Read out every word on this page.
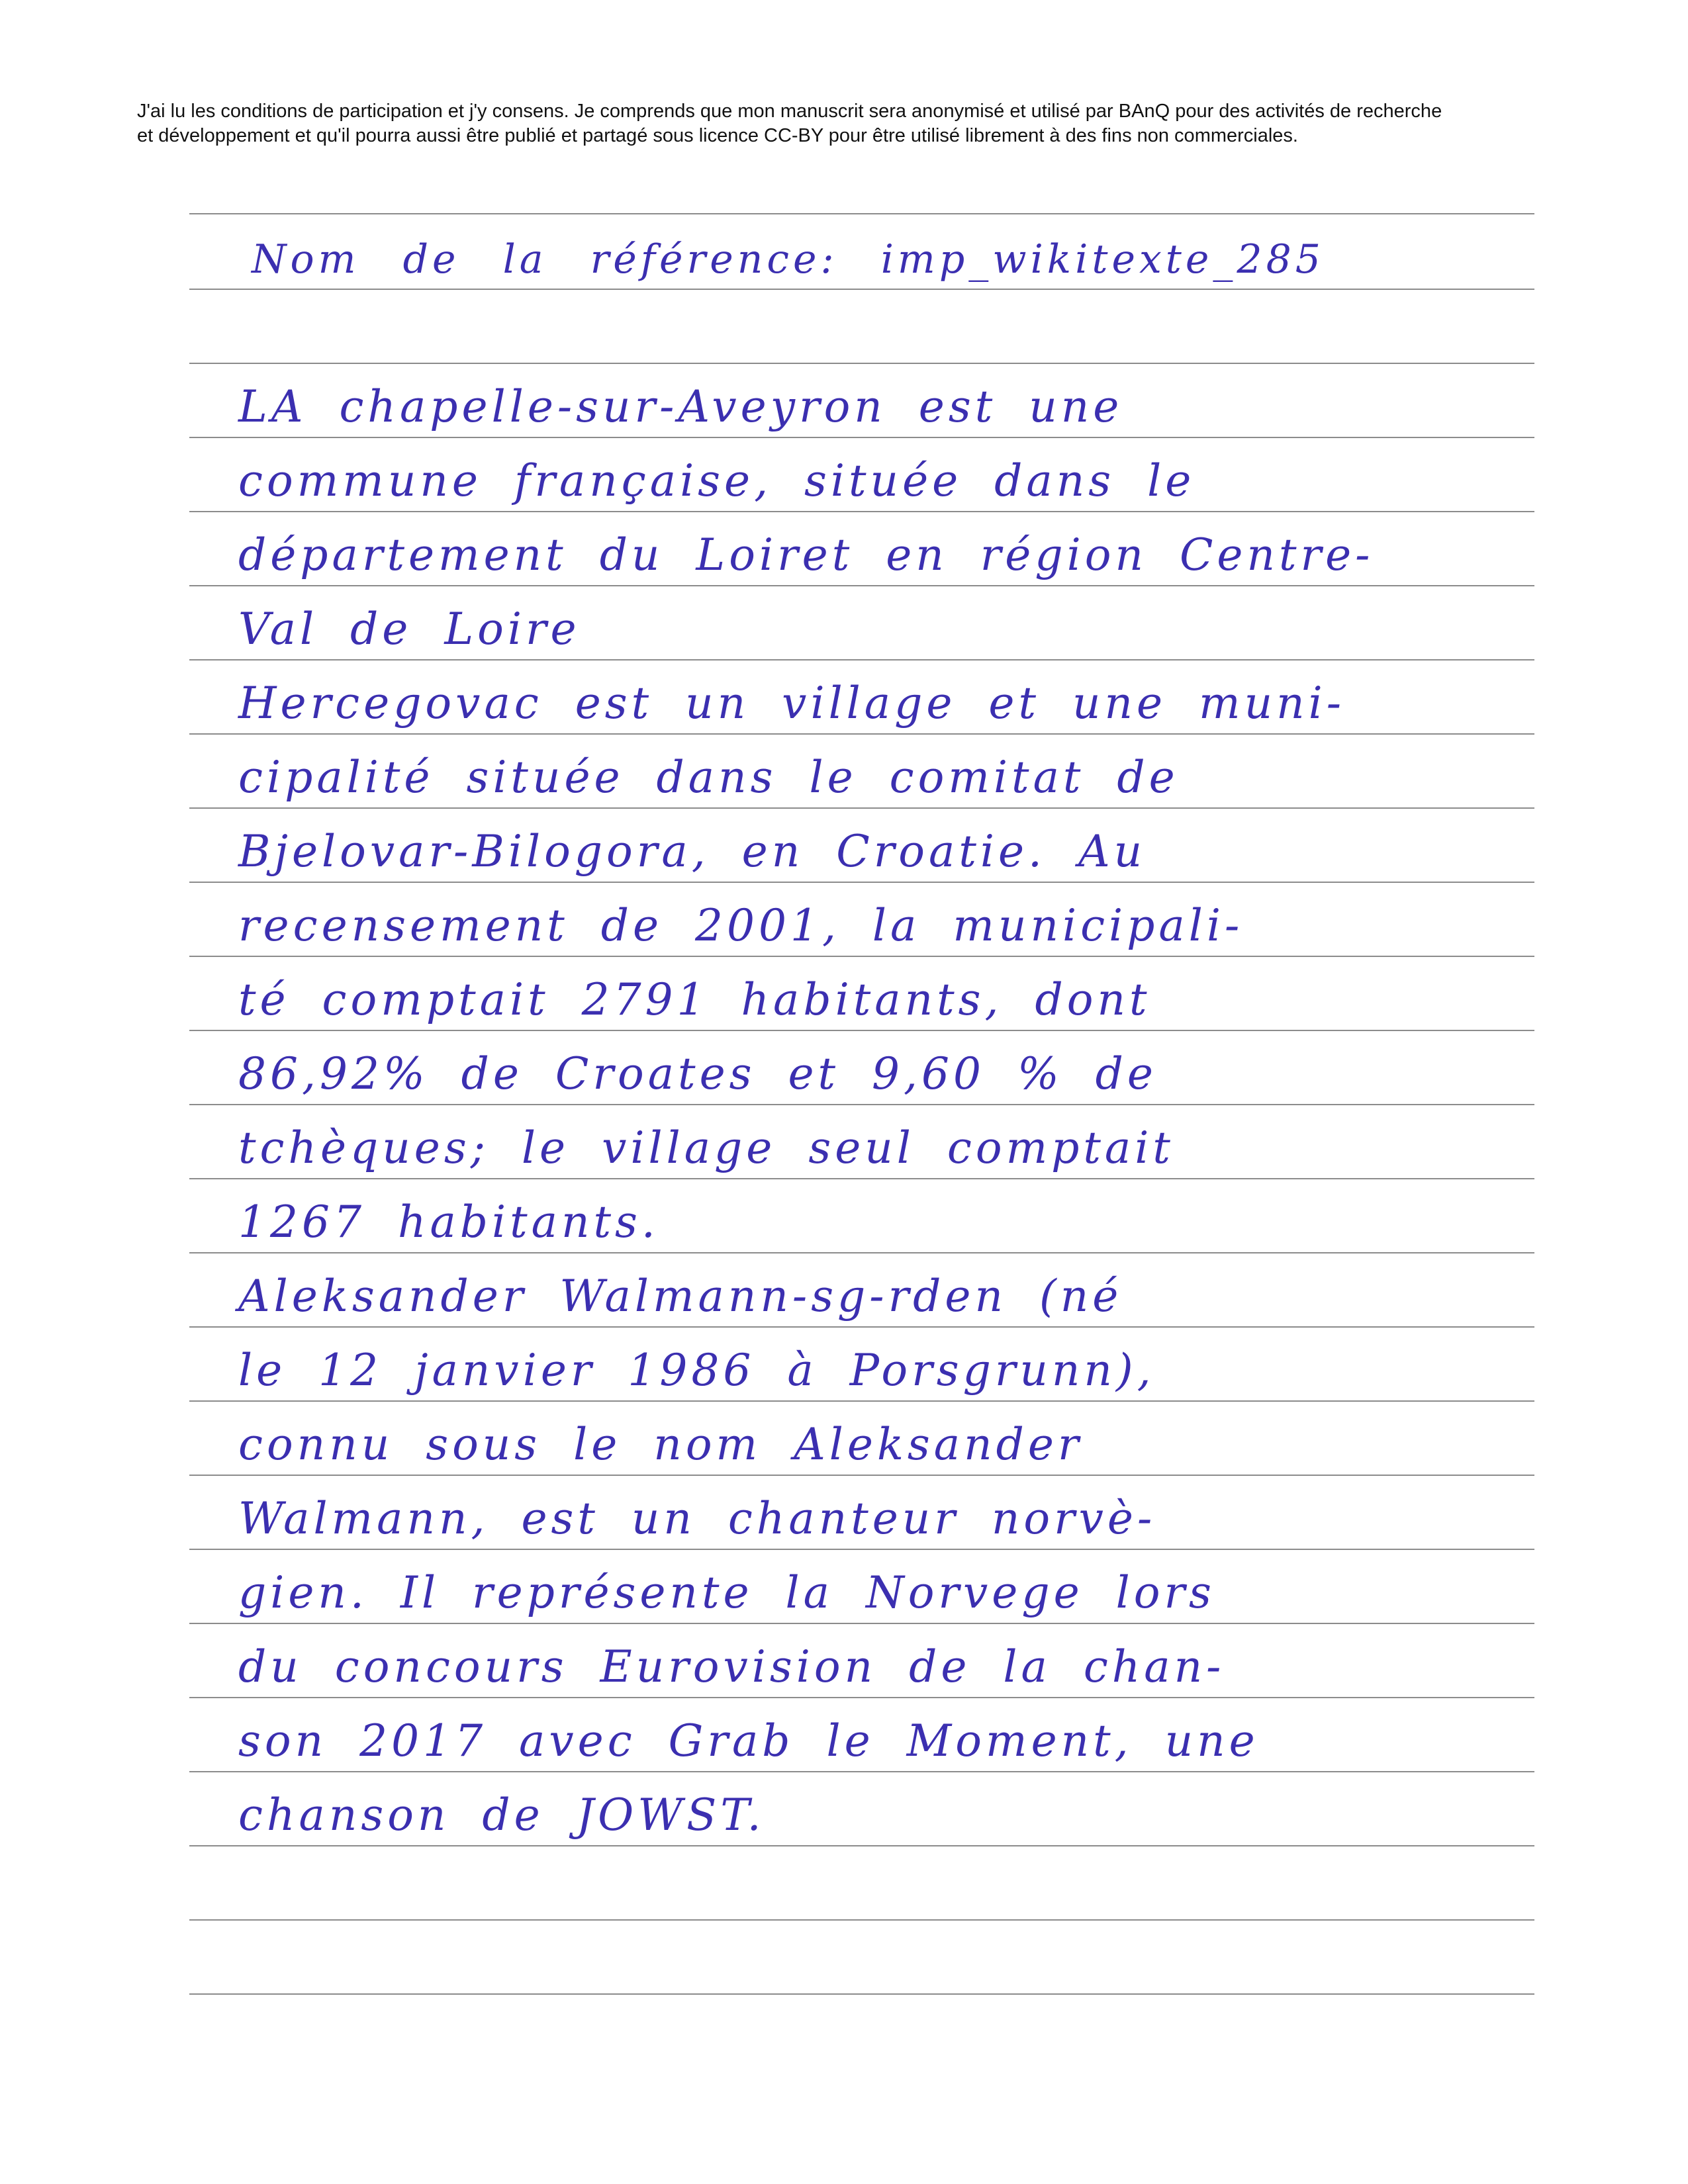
J'ai lu les conditions de participation et j'y consens. Je comprends que mon manuscrit sera anonymisé et utilisé par BAnQ pour des activités de recherche

et développement et qu'il pourra aussi être publié et partagé sous licence CC-BY pour être utilisé librement à des fins non commerciales.

Nom de la référence: imp_wikitexte_285
LA chapelle-sur-Aveyron est une
commune française, située dans le
département du Loiret en région Centre-
Val de Loire
Hercegovac est un village et une muni-
cipalité située dans le comitat de
Bjelovar-Bilogora, en Croatie. Au
recensement de 2001, la municipali-
té comptait 2791 habitants, dont
86,92% de Croates et 9,60 % de
tchèques; le village seul comptait
1267 habitants.
Aleksander Walmann-sg-rden (né
le 12 janvier 1986 à Porsgrunn),
connu sous le nom Aleksander
Walmann, est un chanteur norvè-
gien. Il représente la Norvege lors
du concours Eurovision de la chan-
son 2017 avec Grab le Moment, une
chanson de JOWST.
